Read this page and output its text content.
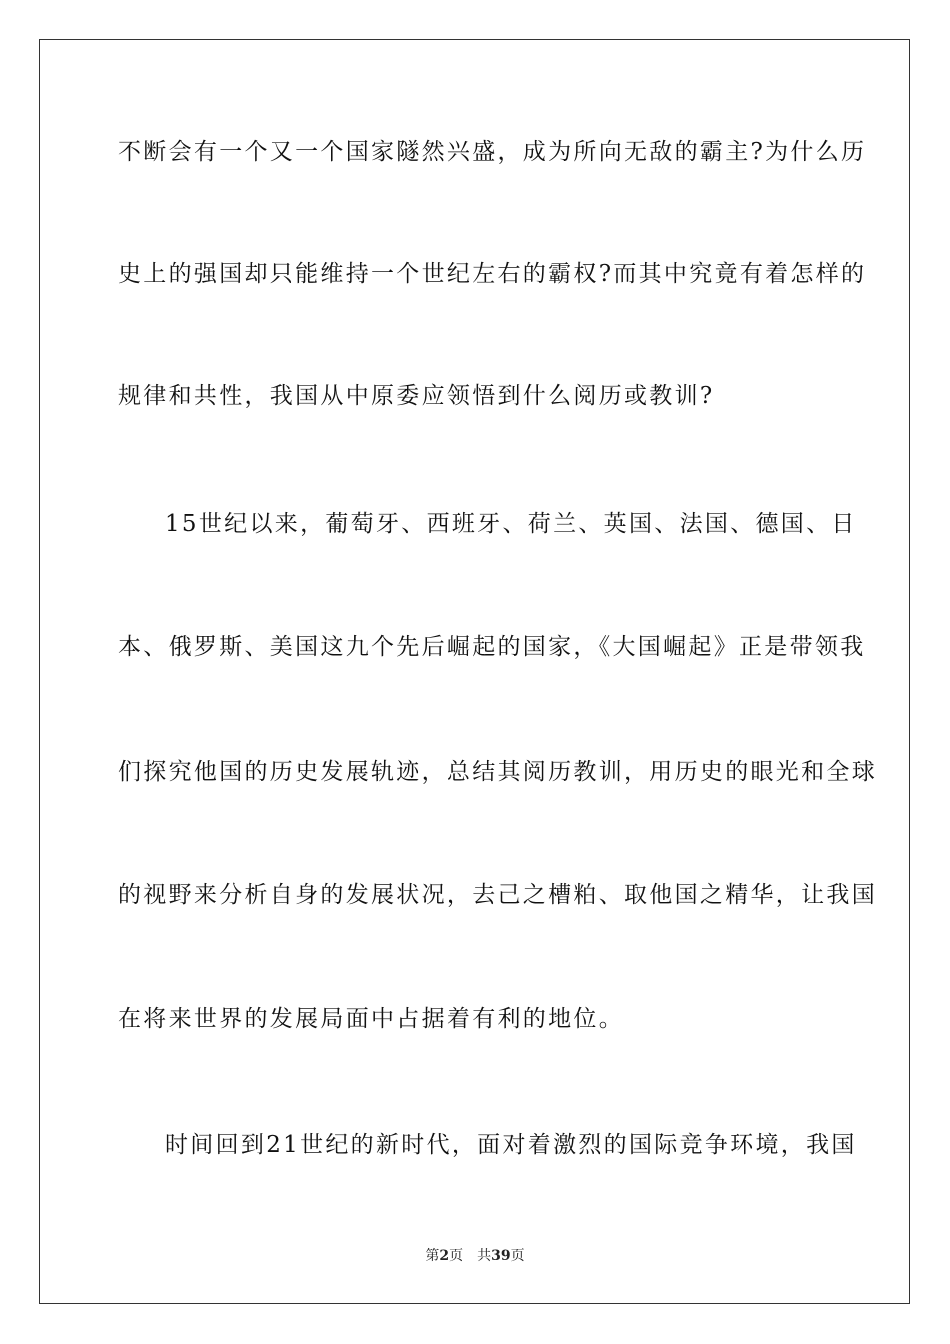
不断会有一个又一个国家隧然兴盛，成为所向无敌的霸主?为什么历
史上的强国却只能维持一个世纪左右的霸权?而其中究竟有着怎样的
规律和共性，我国从中原委应领悟到什么阅历或教训?
15世纪以来，葡萄牙、西班牙、荷兰、英国、法国、德国、日
本、俄罗斯、美国这九个先后崛起的国家，《大国崛起》正是带领我
们探究他国的历史发展轨迹，总结其阅历教训，用历史的眼光和全球
的视野来分析自身的发展状况，去己之槽粕、取他国之精华，让我国
在将来世界的发展局面中占据着有利的地位。
时间回到21世纪的新时代，面对着激烈的国际竞争环境，我国
第2页 共39页
